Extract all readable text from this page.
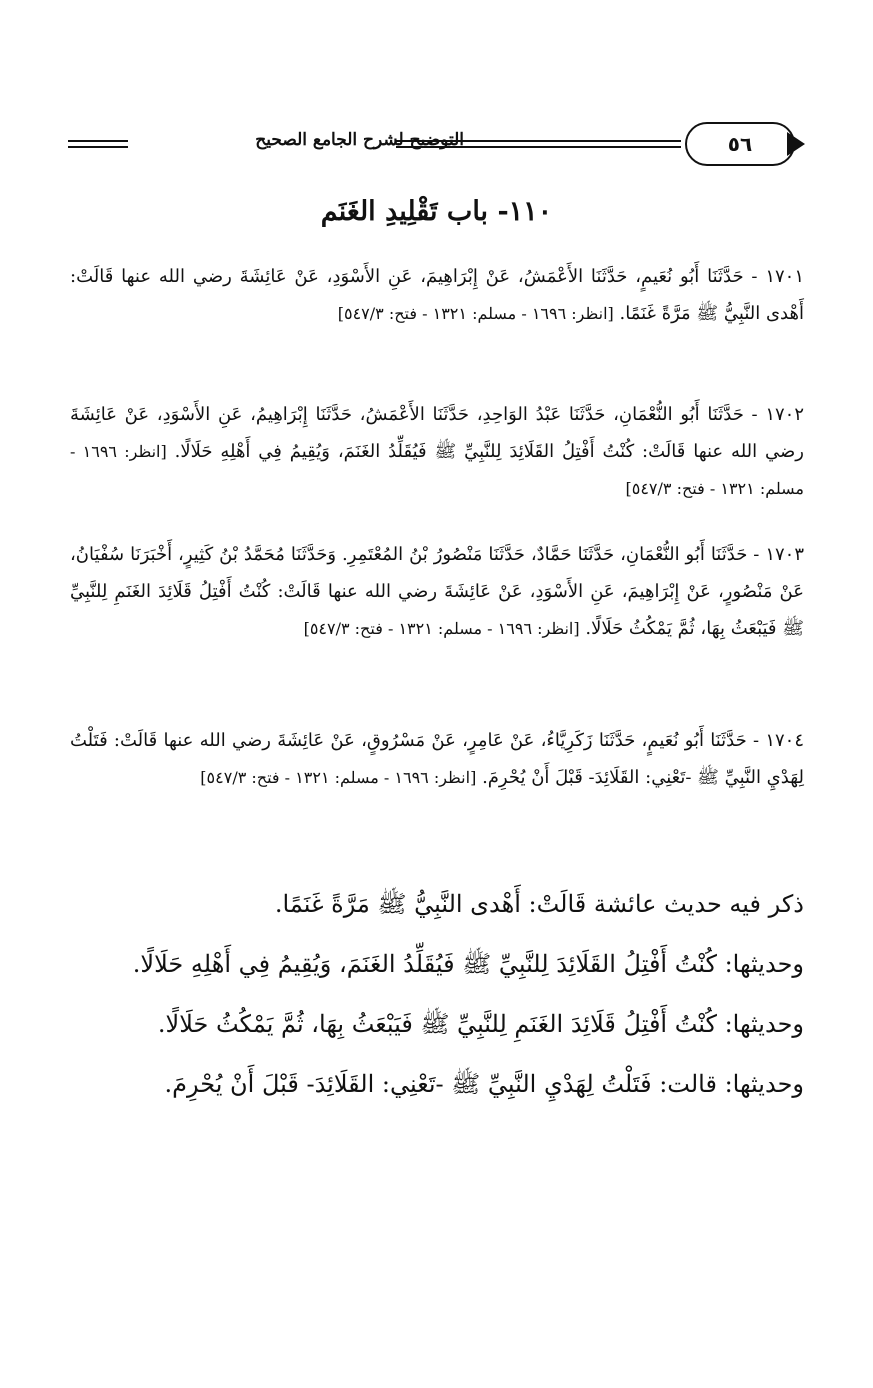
التوضيح لشرح الجامع الصحيح	٥٦
١١٠- باب تَقْلِيدِ الغَنَم
١٧٠١ - حَدَّثَنَا أَبُو نُعَيمٍ، حَدَّثَنَا الأَعْمَشُ، عَنْ إِبْرَاهِيمَ، عَنِ الأَسْوَدِ، عَنْ عَائِشَةَ رضي الله عنها قَالَتْ: أَهْدى النَّبِيُّ ﷺ مَرَّةً غَنَمًا. [انظر: ١٦٩٦ - مسلم: ١٣٢١ - فتح: ٥٤٧/٣]
١٧٠٢ - حَدَّثَنَا أَبُو النُّعْمَانِ، حَدَّثَنَا عَبْدُ الوَاحِدِ، حَدَّثَنَا الأَعْمَشُ، حَدَّثَنَا إِبْرَاهِيمُ، عَنِ الأَسْوَدِ، عَنْ عَائِشَةَ رضي الله عنها قَالَتْ: كُنْتُ أَفْتِلُ القَلَائِدَ لِلنَّبِيِّ ﷺ فَيُقَلِّدُ الغَنَمَ، وَيُقِيمُ فِي أَهْلِهِ حَلَالًا. [انظر: ١٦٩٦ - مسلم: ١٣٢١ - فتح: ٥٤٧/٣]
١٧٠٣ - حَدَّثَنَا أَبُو النُّعْمَانِ، حَدَّثَنَا حَمَّادٌ، حَدَّثَنَا مَنْصُورُ بْنُ المُعْتَمِرِ. وَحَدَّثَنَا مُحَمَّدُ بْنُ كَثِيرٍ، أَخْبَرَنَا سُفْيَانُ، عَنْ مَنْصُورٍ، عَنْ إِبْرَاهِيمَ، عَنِ الأَسْوَدِ، عَنْ عَائِشَةَ رضي الله عنها قَالَتْ: كُنْتُ أَفْتِلُ قَلَائِدَ الغَنَمِ لِلنَّبِيِّ ﷺ فَيَبْعَثُ بِهَا، ثُمَّ يَمْكُثُ حَلَالًا. [انظر: ١٦٩٦ - مسلم: ١٣٢١ - فتح: ٥٤٧/٣]
١٧٠٤ - حَدَّثَنَا أَبُو نُعَيمٍ، حَدَّثَنَا زَكَرِيَّاءُ، عَنْ عَامِرٍ، عَنْ مَسْرُوقٍ، عَنْ عَائِشَةَ رضي الله عنها قَالَتْ: فَتَلْتُ لِهَدْيِ النَّبِيِّ ﷺ -تَعْنِي: القَلَائِدَ- قَبْلَ أَنْ يُحْرِمَ. [انظر: ١٦٩٦ - مسلم: ١٣٢١ - فتح: ٥٤٧/٣]

ذكر فيه حديث عائشة قَالَتْ: أَهْدى النَّبِيُّ ﷺ مَرَّةً غَنَمًا.

وحديثها: كُنْتُ أَفْتِلُ القَلَائِدَ لِلنَّبِيِّ ﷺ فَيُقَلِّدُ الغَنَمَ، وَيُقِيمُ فِي أَهْلِهِ حَلَالًا.

وحديثها: كُنْتُ أَفْتِلُ قَلَائِدَ الغَنَمِ لِلنَّبِيِّ ﷺ فَيَبْعَثُ بِهَا، ثُمَّ يَمْكُثُ حَلَالًا.

وحديثها: قالت: فَتَلْتُ لِهَدْيِ النَّبِيِّ ﷺ -تَعْنِي: القَلَائِدَ- قَبْلَ أَنْ يُحْرِمَ.
